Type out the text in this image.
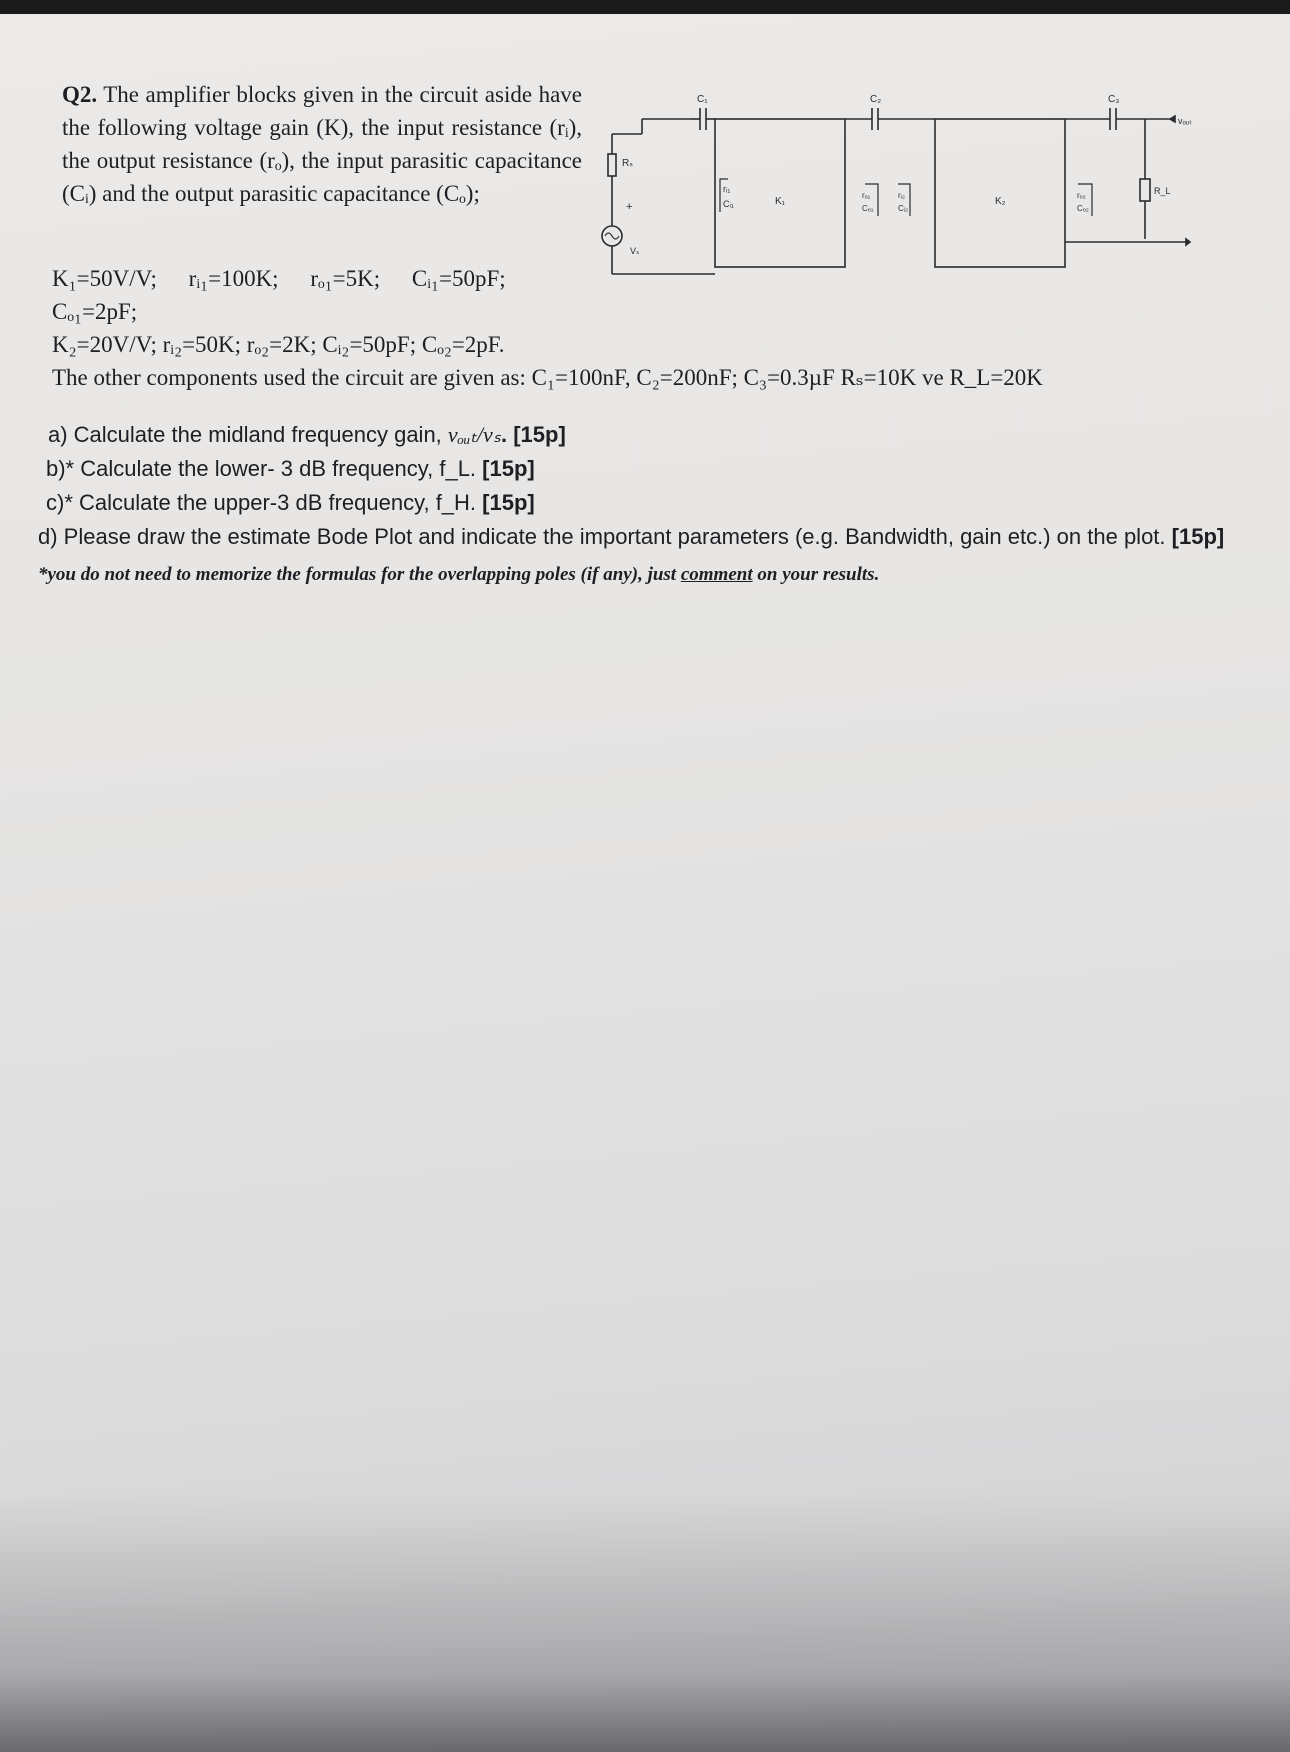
Q2. The amplifier blocks given in the circuit aside have the following voltage gain (K), the input resistance (rᵢ), the output resistance (rₒ), the input parasitic capacitance (Cᵢ) and the output parasitic capacitance (Cₒ);
K₁=50V/V; rᵢ₁=100K; rₒ₁=5K; Cᵢ₁=50pF;
Cₒ₁=2pF;
K₂=20V/V; rᵢ₂=50K; rₒ₂=2K; Cᵢ₂=50pF; Cₒ₂=2pF.
The other components used the circuit are given as: C₁=100nF, C₂=200nF; C₃=0.3µF Rₛ=10K ve R_L=20K
Rₛ
+
Vₛ
C₁
K₁
rᵢ₁
Cᵢ₁
C₂
rₒ₁
Cₒ₁
rᵢ₂
Cᵢ₂
K₂
rₒ₂
Cₒ₂
C₃
vₒᵤₜ
R_L
a) Calculate the midland frequency gain, vₒᵤₜ/vₛ. [15p]
b)* Calculate the lower- 3 dB frequency, f_L. [15p]
c)* Calculate the upper-3 dB frequency, f_H. [15p]
d) Please draw the estimate Bode Plot and indicate the important parameters (e.g. Bandwidth, gain etc.) on the plot. [15p] *you do not need to memorize the formulas for the overlapping poles (if any), just comment on your results.
